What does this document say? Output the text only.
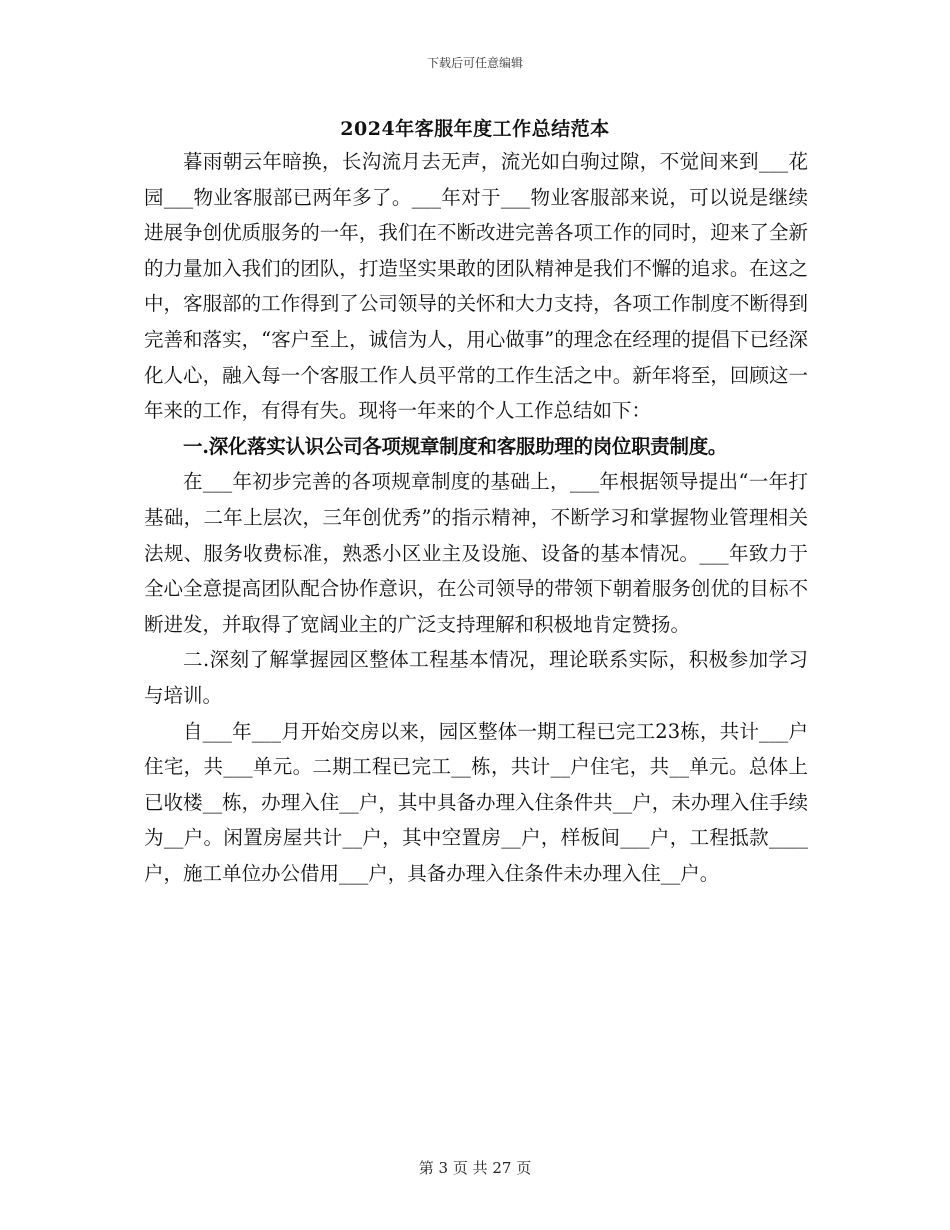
下载后可任意编辑
2024年客服年度工作总结范本

暮雨朝云年暗换，长沟流月去无声，流光如白驹过隙，不觉间来到___花园___物业客服部已两年多了。___年对于___物业客服部来说，可以说是继续进展争创优质服务的一年，我们在不断改进完善各项工作的同时，迎来了全新的力量加入我们的团队，打造坚实果敢的团队精神是我们不懈的追求。在这之中，客服部的工作得到了公司领导的关怀和大力支持，各项工作制度不断得到完善和落实，“客户至上，诚信为人，用心做事”的理念在经理的提倡下已经深化人心，融入每一个客服工作人员平常的工作生活之中。新年将至，回顾这一年来的工作，有得有失。现将一年来的个人工作总结如下：

一.深化落实认识公司各项规章制度和客服助理的岗位职责制度。

在___年初步完善的各项规章制度的基础上，___年根据领导提出“一年打基础，二年上层次，三年创优秀”的指示精神，不断学习和掌握物业管理相关法规、服务收费标准，熟悉小区业主及设施、设备的基本情况。___年致力于全心全意提高团队配合协作意识，在公司领导的带领下朝着服务创优的目标不断进发，并取得了宽阔业主的广泛支持理解和积极地肯定赞扬。

二.深刻了解掌握园区整体工程基本情况，理论联系实际，积极参加学习与培训。

自___年___月开始交房以来，园区整体一期工程已完工23栋，共计___户住宅，共___单元。二期工程已完工__栋，共计__户住宅，共__单元。总体上已收楼__栋，办理入住__户，其中具备办理入住条件共__户，未办理入住手续为__户。闲置房屋共计__户，其中空置房__户，样板间___户，工程抵款____户，施工单位办公借用___户，具备办理入住条件未办理入住__户。

第 3 页 共 27 页
